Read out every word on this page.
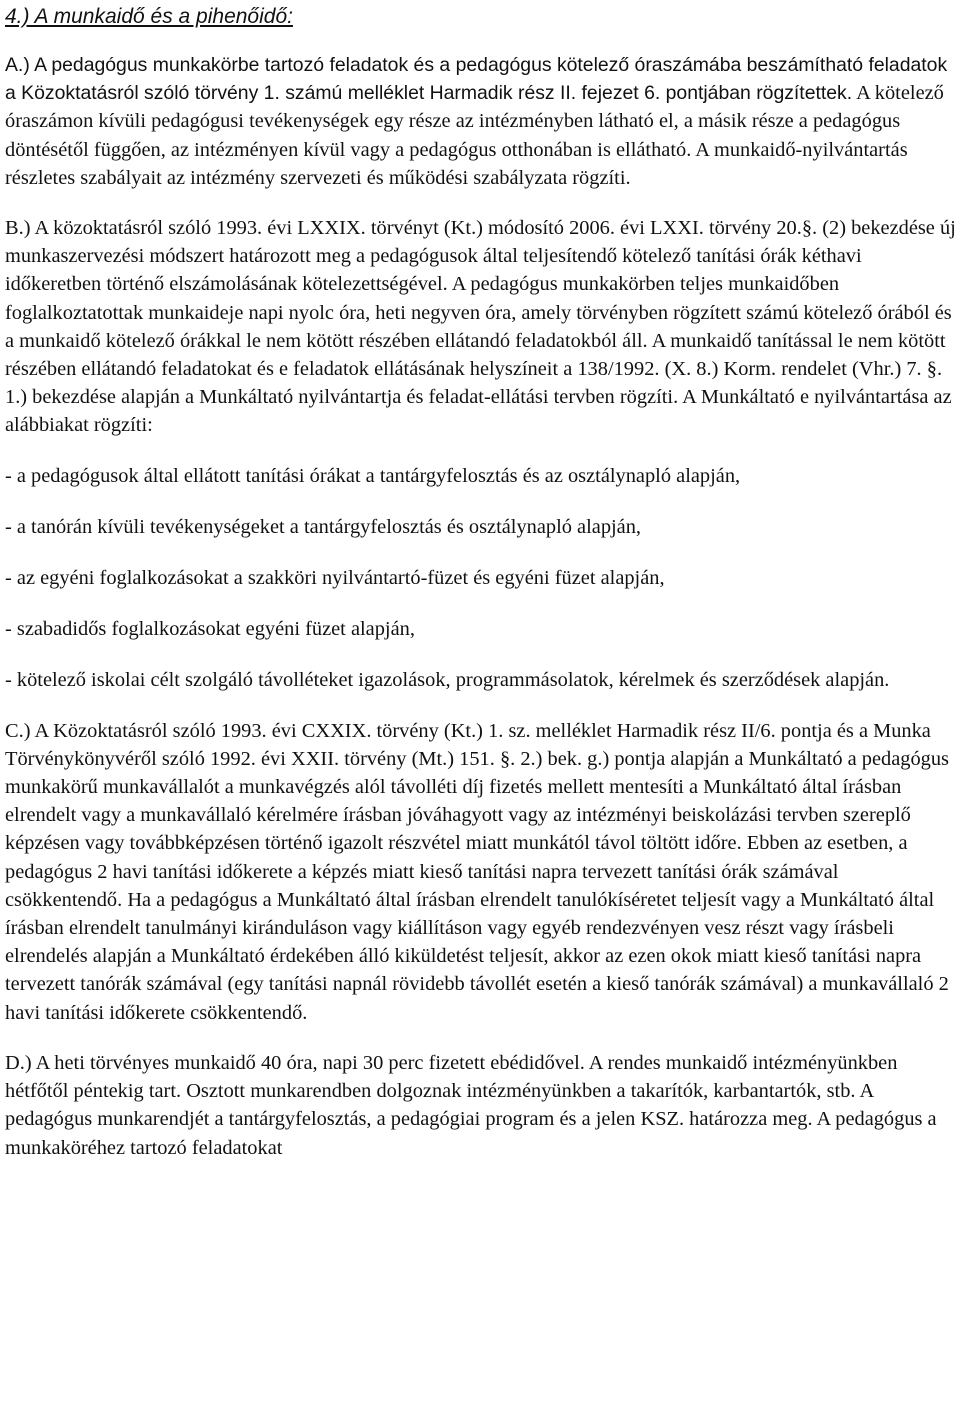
4.) A munkaidő és a pihenőidő:

A.) A pedagógus munkakörbe tartozó feladatok és a pedagógus kötelező óraszámába beszámítható feladatok a Közoktatásról szóló törvény 1. számú melléklet Harmadik rész II. fejezet 6. pontjában rögzítettek. A kötelező óraszámon kívüli pedagógusi tevékenységek egy része az intézményben látható el, a másik része a pedagógus döntésétől függően, az intézményen kívül vagy a pedagógus otthonában is ellátható. A munkaidő-nyilvántartás részletes szabályait az intézmény szervezeti és működési szabályzata rögzíti.

B.) A közoktatásról szóló 1993. évi LXXIX. törvényt (Kt.) módosító 2006. évi LXXI. törvény 20.§. (2) bekezdése új munkaszervezési módszert határozott meg a pedagógusok által teljesítendő kötelező tanítási órák kéthavi időkeretben történő elszámolásának kötelezettségével. A pedagógus munkakörben teljes munkaidőben foglalkoztatottak munkaideje napi nyolc óra, heti negyven óra, amely törvényben rögzített számú kötelező órából és a munkaidő kötelező órákkal le nem kötött részében ellátandó feladatokból áll. A munkaidő tanítással le nem kötött részében ellátandó feladatokat és e feladatok ellátásának helyszíneit a 138/1992. (X. 8.) Korm. rendelet (Vhr.) 7. §. 1.) bekezdése alapján a Munkáltató nyilvántartja és feladat-ellátási tervben rögzíti. A Munkáltató e nyilvántartása az alábbiakat rögzíti:

- a pedagógusok által ellátott tanítási órákat a tantárgyfelosztás és az osztálynapló alapján,

- a tanórán kívüli tevékenységeket a tantárgyfelosztás és osztálynapló alapján,

- az egyéni foglalkozásokat a szakköri nyilvántartó-füzet és egyéni füzet alapján,

- szabadidős foglalkozásokat egyéni füzet alapján,

- kötelező iskolai célt szolgáló távolléteket igazolások, programmásolatok, kérelmek és szerződések alapján.

C.) A Közoktatásról szóló 1993. évi CXXIX. törvény (Kt.) 1. sz. melléklet Harmadik rész II/6. pontja és a Munka Törvénykönyvéről szóló 1992. évi XXII. törvény (Mt.) 151. §. 2.) bek. g.) pontja alapján a Munkáltató a pedagógus munkakörű munkavállalót a munkavégzés alól távolléti díj fizetés mellett mentesíti a Munkáltató által írásban elrendelt vagy a munkavállaló kérelmére írásban jóváhagyott vagy az intézményi beiskolázási tervben szereplő képzésen vagy továbbképzésen történő igazolt részvétel miatt munkától távol töltött időre. Ebben az esetben, a pedagógus 2 havi tanítási időkerete a képzés miatt kieső tanítási napra tervezett tanítási órák számával csökkentendő. Ha a pedagógus a Munkáltató által írásban elrendelt tanulókíséretet teljesít vagy a Munkáltató által írásban elrendelt tanulmányi kiránduláson vagy kiállításon vagy egyéb rendezvényen vesz részt vagy írásbeli elrendelés alapján a Munkáltató érdekében álló kiküldetést teljesít, akkor az ezen okok miatt kieső tanítási napra tervezett tanórák számával (egy tanítási napnál rövidebb távollét esetén a kieső tanórák számával) a munkavállaló 2 havi tanítási időkerete csökkentendő.

D.) A heti törvényes munkaidő 40 óra, napi 30 perc fizetett ebédidővel. A rendes munkaidő intézményünkben hétfőtől péntekig tart. Osztott munkarendben dolgoznak intézményünkben a takarítók, karbantartók, stb. A pedagógus munkarendjét a tantárgyfelosztás, a pedagógiai program és a jelen KSZ. határozza meg. A pedagógus a munkaköréhez tartozó feladatokat
